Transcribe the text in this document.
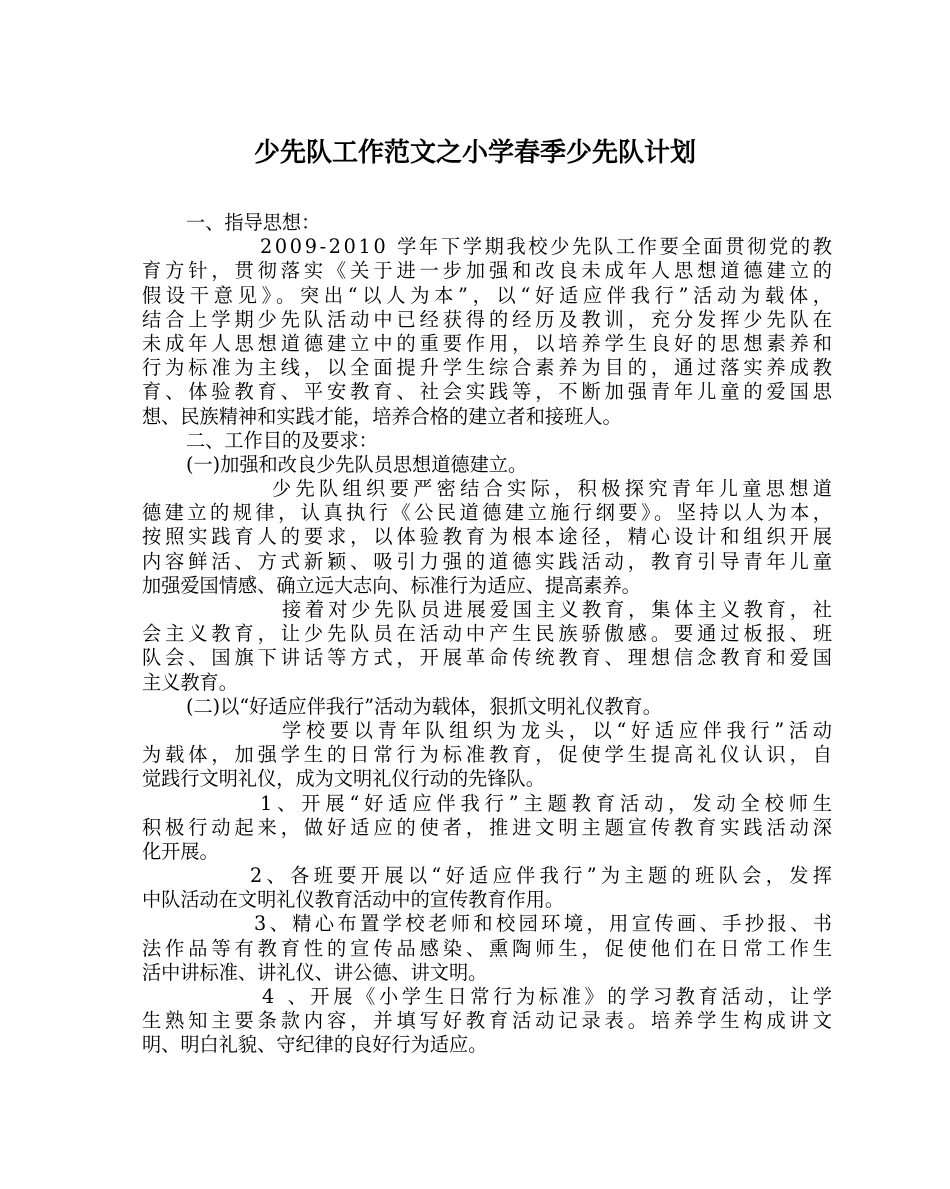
少先队工作范文之小学春季少先队计划
一、指导思想：
2009-2010 学年下学期我校少先队工作要全面贯彻党的教
育方针，贯彻落实《关于进一步加强和改良未成年人思想道德建立的
假设干意见》。突出“以人为本”，以“好适应伴我行”活动为载体，
结合上学期少先队活动中已经获得的经历及教训，充分发挥少先队在
未成年人思想道德建立中的重要作用，以培养学生良好的思想素养和
行为标准为主线，以全面提升学生综合素养为目的，通过落实养成教
育、体验教育、平安教育、社会实践等，不断加强青年儿童的爱国思
想、民族精神和实践才能，培养合格的建立者和接班人。
二、工作目的及要求：
(一)加强和改良少先队员思想道德建立。
少先队组织要严密结合实际，积极探究青年儿童思想道
德建立的规律，认真执行《公民道德建立施行纲要》。坚持以人为本，
按照实践育人的要求，以体验教育为根本途径，精心设计和组织开展
内容鲜活、方式新颖、吸引力强的道德实践活动，教育引导青年儿童
加强爱国情感、确立远大志向、标准行为适应、提高素养。
接着对少先队员进展爱国主义教育，集体主义教育，社
会主义教育，让少先队员在活动中产生民族骄傲感。要通过板报、班
队会、国旗下讲话等方式，开展革命传统教育、理想信念教育和爱国
主义教育。
(二)以“好适应伴我行”活动为载体，狠抓文明礼仪教育。
学校要以青年队组织为龙头，以“好适应伴我行”活动
为载体，加强学生的日常行为标准教育，促使学生提高礼仪认识，自
觉践行文明礼仪，成为文明礼仪行动的先锋队。
1、开展“好适应伴我行”主题教育活动，发动全校师生
积极行动起来，做好适应的使者，推进文明主题宣传教育实践活动深
化开展。
2、各班要开展以“好适应伴我行”为主题的班队会，发挥
中队活动在文明礼仪教育活动中的宣传教育作用。
3、精心布置学校老师和校园环境，用宣传画、手抄报、书
法作品等有教育性的宣传品感染、熏陶师生，促使他们在日常工作生
活中讲标准、讲礼仪、讲公德、讲文明。
4 、开展《小学生日常行为标准》的学习教育活动，让学
生熟知主要条款内容，并填写好教育活动记录表。培养学生构成讲文
明、明白礼貌、守纪律的良好行为适应。
